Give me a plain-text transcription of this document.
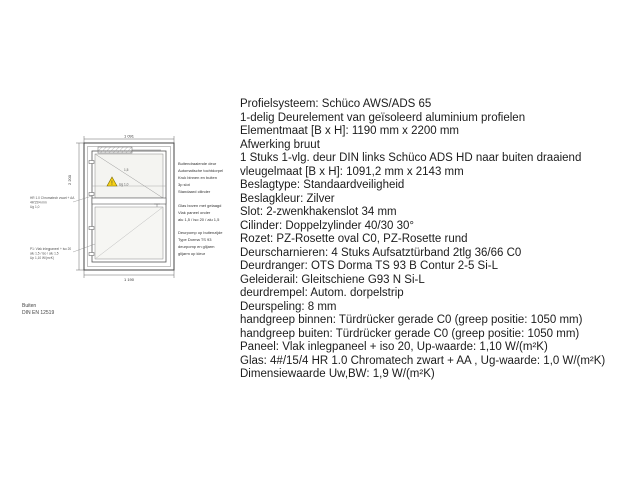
1 091
2 200
1 190
1,5
! Ug 1,0
HR 1.0 Chromatech zwart + AA
4#/15/4 mm
Ug 1,0
P1: Vlak inlegpaneel + iso 20
alu 1,5 / iso / alu 1,5
Up 1,10 W/(m²K)
Buitendraaiende deur
Automatische tochtdorpel
Kruk binnen en buiten
3p slot
Standaard cilinder
Glas boven met gelaagd
Vlak paneel onder
alu 1,5 / iso 20 / alu 1,5
Deurpomp op buitenzijde
Type Dorma TS 93
deurpomp en glijarm
glijarm op kleur
Buiten
DIN EN 12519
Profielsysteem: Schüco AWS/ADS 65
1-delig Deurelement van geïsoleerd aluminium profielen
Elementmaat [B x H]: 1190 mm x 2200 mm
Afwerking bruut
1 Stuks 1-vlg. deur DIN links Schüco ADS HD naar buiten draaiend
vleugelmaat [B x H]: 1091,2 mm x 2143 mm
Beslagtype: Standaardveiligheid
Beslagkleur: Zilver
Slot: 2-zwenkhakenslot 34 mm
Cilinder: Doppelzylinder 40/30 30°
Rozet: PZ-Rosette oval C0, PZ-Rosette rund
Deurscharnieren: 4 Stuks Aufsatztürband 2tlg 36/66 C0
Deurdranger: OTS Dorma TS 93 B Contur 2-5 Si-L
Geleiderail: Gleitschiene G93 N Si-L
deurdrempel: Autom. dorpelstrip
Deurspeling: 8 mm
handgreep binnen: Türdrücker gerade C0 (greep positie: 1050 mm)
handgreep buiten: Türdrücker gerade C0 (greep positie: 1050 mm)
Paneel: Vlak inlegpaneel + iso 20, Up-waarde: 1,10 W/(m²K)
Glas: 4#/15/4 HR 1.0 Chromatech zwart + AA , Ug-waarde: 1,0 W/(m²K)
Dimensiewaarde Uw,BW: 1,9 W/(m²K)
